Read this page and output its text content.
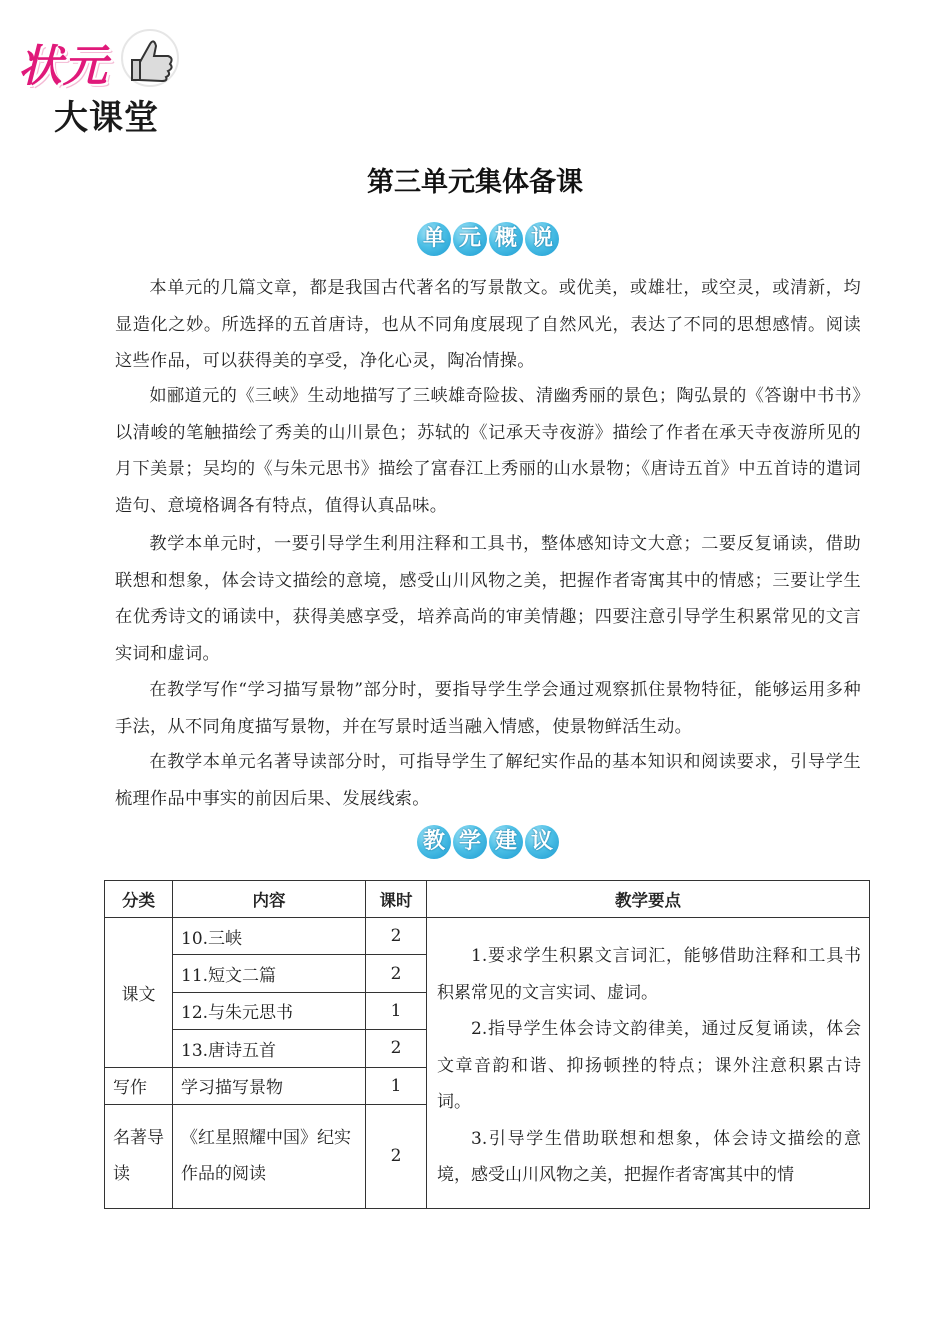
状元
大课堂
第三单元集体备课
单 元 概 说

本单元的几篇文章，都是我国古代著名的写景散文。或优美，或雄壮，或空灵，或清新，均显造化之妙。所选择的五首唐诗，也从不同角度展现了自然风光，表达了不同的思想感情。阅读这些作品，可以获得美的享受，净化心灵，陶冶情操。

如郦道元的《三峡》生动地描写了三峡雄奇险拔、清幽秀丽的景色；陶弘景的《答谢中书书》以清峻的笔触描绘了秀美的山川景色；苏轼的《记承天寺夜游》描绘了作者在承天寺夜游所见的月下美景；吴均的《与朱元思书》描绘了富春江上秀丽的山水景物；《唐诗五首》中五首诗的遣词造句、意境格调各有特点，值得认真品味。

教学本单元时，一要引导学生利用注释和工具书，整体感知诗文大意；二要反复诵读，借助联想和想象，体会诗文描绘的意境，感受山川风物之美，把握作者寄寓其中的情感；三要让学生在优秀诗文的诵读中，获得美感享受，培养高尚的审美情趣；四要注意引导学生积累常见的文言实词和虚词。

在教学写作“学习描写景物”部分时，要指导学生学会通过观察抓住景物特征，能够运用多种手法，从不同角度描写景物，并在写景时适当融入情感，使景物鲜活生动。

在教学本单元名著导读部分时，可指导学生了解纪实作品的基本知识和阅读要求，引导学生梳理作品中事实的前因后果、发展线索。

教 学 建 议
分类	内容	课时	教学要点
课文	10.三峡	2	1.要求学生积累文言词汇，能够借助注释和工具书积累常见的文言实词、虚词。

2.指导学生体会诗文韵律美，通过反复诵读，体会文章音韵和谐、抑扬顿挫的特点；课外注意积累古诗词。

3.引导学生借助联想和想象，体会诗文描绘的意境，感受山川风物之美，把握作者寄寓其中的情

	11.短文二篇	2	
	12.与朱元思书	1	
	13.唐诗五首	2	
写作	学习描写景物	1	
名著导读	《红星照耀中国》纪实作品的阅读	2	
